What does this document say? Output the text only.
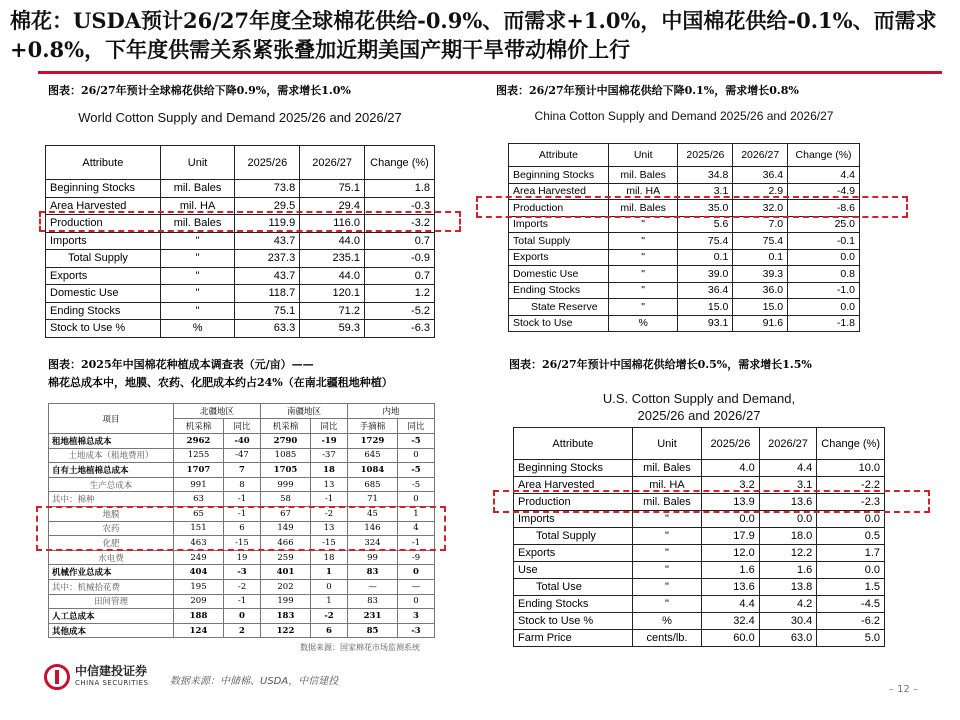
棉花：USDA预计26/27年度全球棉花供给-0.9%、而需求+1.0%，中国棉花供给-0.1%、而需求+0.8%，下年度供需关系紧张叠加近期美国产期干旱带动棉价上行
图表：26/27年预计全球棉花供给下降0.9%，需求增长1.0%
World Cotton Supply and Demand 2025/26 and 2026/27
Attribute	Unit	2025/26	2026/27	Change (%)
Beginning Stocks	mil. Bales	73.8	75.1	1.8
Area Harvested	mil. HA	29.5	29.4	-0.3
Production	mil. Bales	119.9	116.0	-3.2
Imports	"	43.7	44.0	0.7
Total Supply	"	237.3	235.1	-0.9
Exports	"	43.7	44.0	0.7
Domestic Use	"	118.7	120.1	1.2
Ending Stocks	"	75.1	71.2	-5.2
Stock to Use %	%	63.3	59.3	-6.3
图表：26/27年预计中国棉花供给下降0.1%，需求增长0.8%
China Cotton Supply and Demand 2025/26 and 2026/27
Attribute	Unit	2025/26	2026/27	Change (%)
Beginning Stocks	mil. Bales	34.8	36.4	4.4
Area Harvested	mil. HA	3.1	2.9	-4.9
Production	mil. Bales	35.0	32.0	-8.6
Imports	"	5.6	7.0	25.0
Total Supply	"	75.4	75.4	-0.1
Exports	"	0.1	0.1	0.0
Domestic Use	"	39.0	39.3	0.8
Ending Stocks	"	36.4	36.0	-1.0
State Reserve	"	15.0	15.0	0.0
Stock to Use	%	93.1	91.6	-1.8
图表：2025年中国棉花种植成本调查表（元/亩）——
棉花总成本中，地膜、农药、化肥成本约占24%（在南北疆租地种植）
项目	北疆地区		南疆地区		内地	
	机采棉	同比	机采棉	同比	手摘棉	同比
租地植棉总成本	2962	-40	2790	-19	1729	-5
土地成本（租地费用）	1255	-47	1085	-37	645	0
自有土地植棉总成本	1707	7	1705	18	1084	-5
生产总成本	991	8	999	13	685	-5
其中：棉种	63	-1	58	-1	71	0
地膜	65	-1	67	-2	45	1
农药	151	6	149	13	146	4
化肥	463	-15	466	-15	324	-1
水电费	249	19	259	18	99	-9
机械作业总成本	404	-3	401	1	83	0
其中：机械拾花费	195	-2	202	0	—	—
田间管理	209	-1	199	1	83	0
人工总成本	188	0	183	-2	231	3
其他成本	124	2	122	6	85	-3
数据来源：国家棉花市场监测系统
图表：26/27年预计中国棉花供给增长0.5%，需求增长1.5%
U.S. Cotton Supply and Demand,
2025/26 and 2026/27
Attribute	Unit	2025/26	2026/27	Change (%)
Beginning Stocks	mil. Bales	4.0	4.4	10.0
Area Harvested	mil. HA	3.2	3.1	-2.2
Production	mil. Bales	13.9	13.6	-2.3
Imports	"	0.0	0.0	0.0
Total Supply	"	17.9	18.0	0.5
Exports	"	12.0	12.2	1.7
Use	"	1.6	1.6	0.0
Total Use	"	13.6	13.8	1.5
Ending Stocks	"	4.4	4.2	-4.5
Stock to Use %	%	32.4	30.4	-6.2
Farm Price	cents/lb.	60.0	63.0	5.0
中信建投证券
CHINA SECURITIES 数据来源：中储棉、USDA，中信建投
– 12 –
